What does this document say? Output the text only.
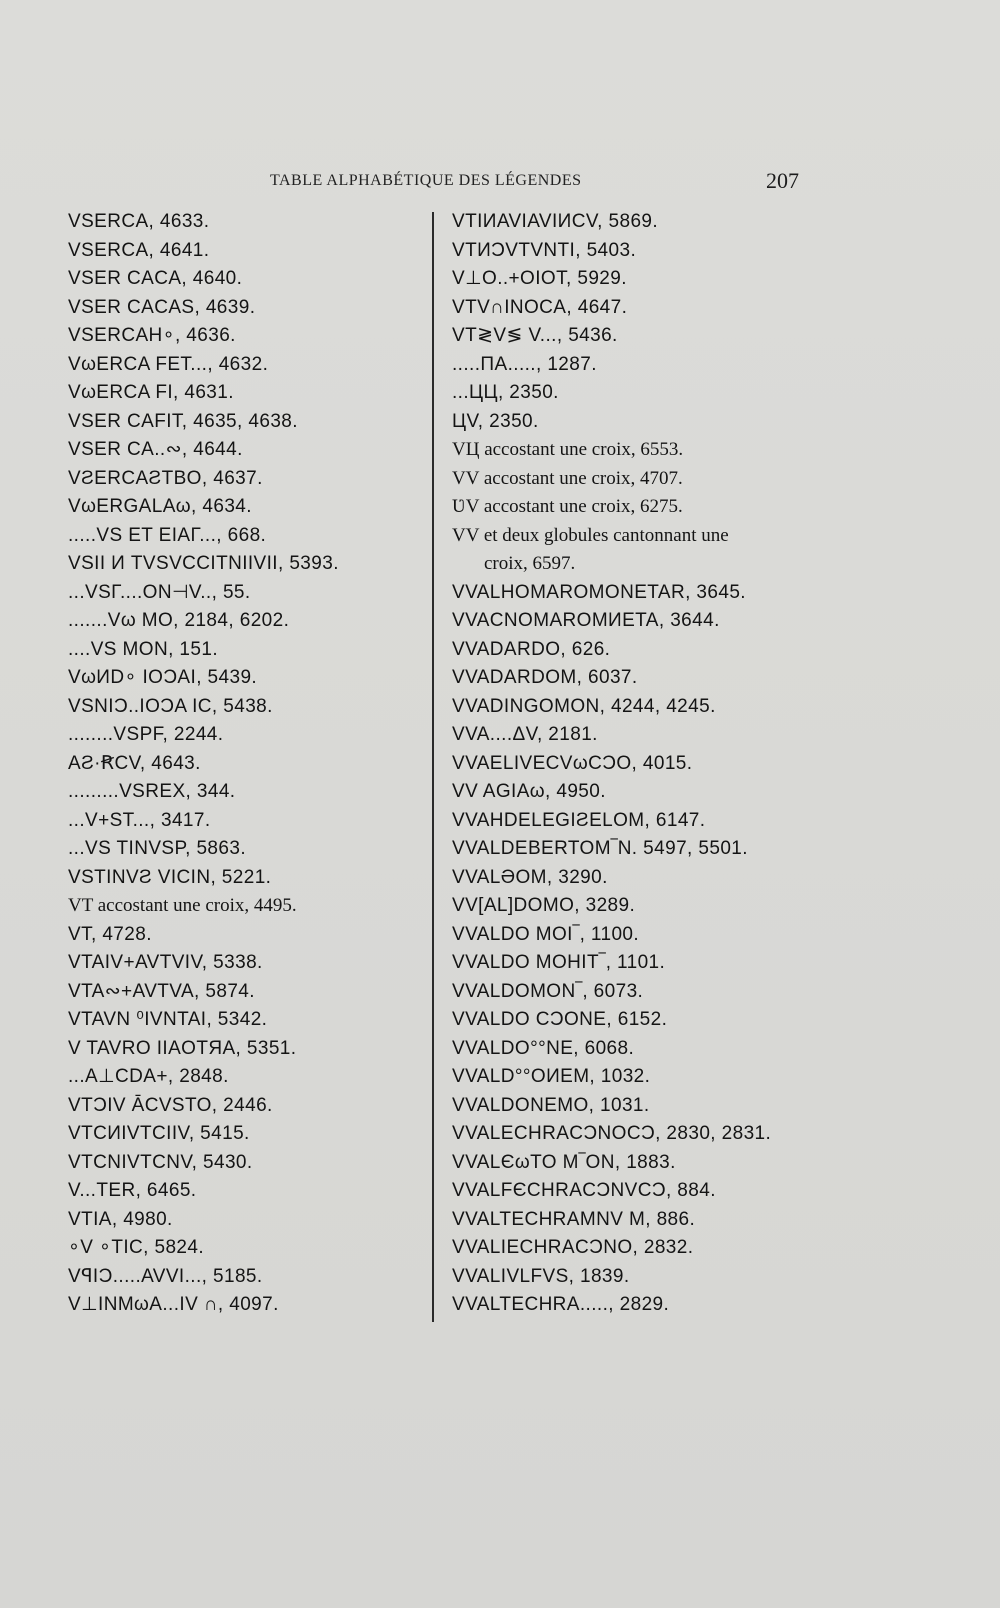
TABLE ALPHABÉTIQUE DES LÉGENDES	207
VSERCA, 4633.
VSERCA, 4641.
VSER CACA, 4640.
VSER CACAS, 4639.
VSERCAH∘, 4636.
VωERCA FET..., 4632.
VωERCA FI, 4631.
VSER CAFIT, 4635, 4638.
VSER CA..∾, 4644.
VƧERCAƧTBO, 4637.
VωERGALAω, 4634.
.....VS ET EIAΓ..., 668.
VSII И TVSVCCITNIIVII, 5393.
...VSΓ....ON⊣V.., 55.
.......Vω MO, 2184, 6202.
....VS MON, 151.
VωИD∘ IOƆAI, 5439.
VSNIƆ..IOƆA IC, 5438.
........VSPF, 2244.
AƧ·ꞦCV, 4643.
.........VSREX, 344.
...V+ST..., 3417.
...VS TINVSP, 5863.
VSTINVƧ VICIN, 5221.
VT accostant une croix, 4495.
VT, 4728.
VTAIV+AVTVIV, 5338.
VTA∾+AVTVA, 5874.
VTAVN ⁰IVNTAI, 5342.
V TAVRO IIAOTЯA, 5351.
...A⊥CDA+, 2848.
VTƆIV ĀCVSTO, 2446.
VTCИIVTCIIV, 5415.
VTCNIVTCNV, 5430.
V...TER, 6465.
VTIA, 4980.
∘V ∘TIC, 5824.
VꟼIƆ.....AVVI..., 5185.
V⊥INMωA...IV ∩, 4097.
VTIИAVIAVIИCV, 5869.
VTИƆVTVNTI, 5403.
V⊥O..+OIOT, 5929.
VTV∩INOCA, 4647.
VT≷V≶ V..., 5436.
.....ΠA....., 1287.
...ЦЦ, 2350.
ЦV, 2350.
VЦ accostant une croix, 6553.
VV accostant une croix, 4707.
ƲV accostant une croix, 6275.
VV et deux globules cantonnant une
croix, 6597.
VVALHOMAROMONETAR, 3645.
VVACNOMAROMИETA, 3644.
VVADARDO, 626.
VVADARDOM, 6037.
VVADINGOMON, 4244, 4245.
VVA....ΔV, 2181.
VVAELIVECVωϹϽO, 4015.
VV AGIAω, 4950.
VVAHDELEGIƧELOM, 6147.
VVALDEBERTOM‾N. 5497, 5501.
VVALƏOM, 3290.
VV[AL]DOMO, 3289.
VVALDO MOI‾, 1100.
VVALDO MOHIT‾, 1101.
VVALDOMON‾, 6073.
VVALDO ϹϽONE, 6152.
VVALDO°°NE, 6068.
VVALD°°OИEM, 1032.
VVALDONEMO, 1031.
VVALECHRAϹϽNOϹϽ, 2830, 2831.
VVALЄωTO M‾ON, 1883.
VVALFЄCHRAϹϽNVϹϽ, 884.
VVALTECHRAMNV M, 886.
VVALIECHRAϹϽNO, 2832.
VVALIVLFVS, 1839.
VVALTECHRA....., 2829.
